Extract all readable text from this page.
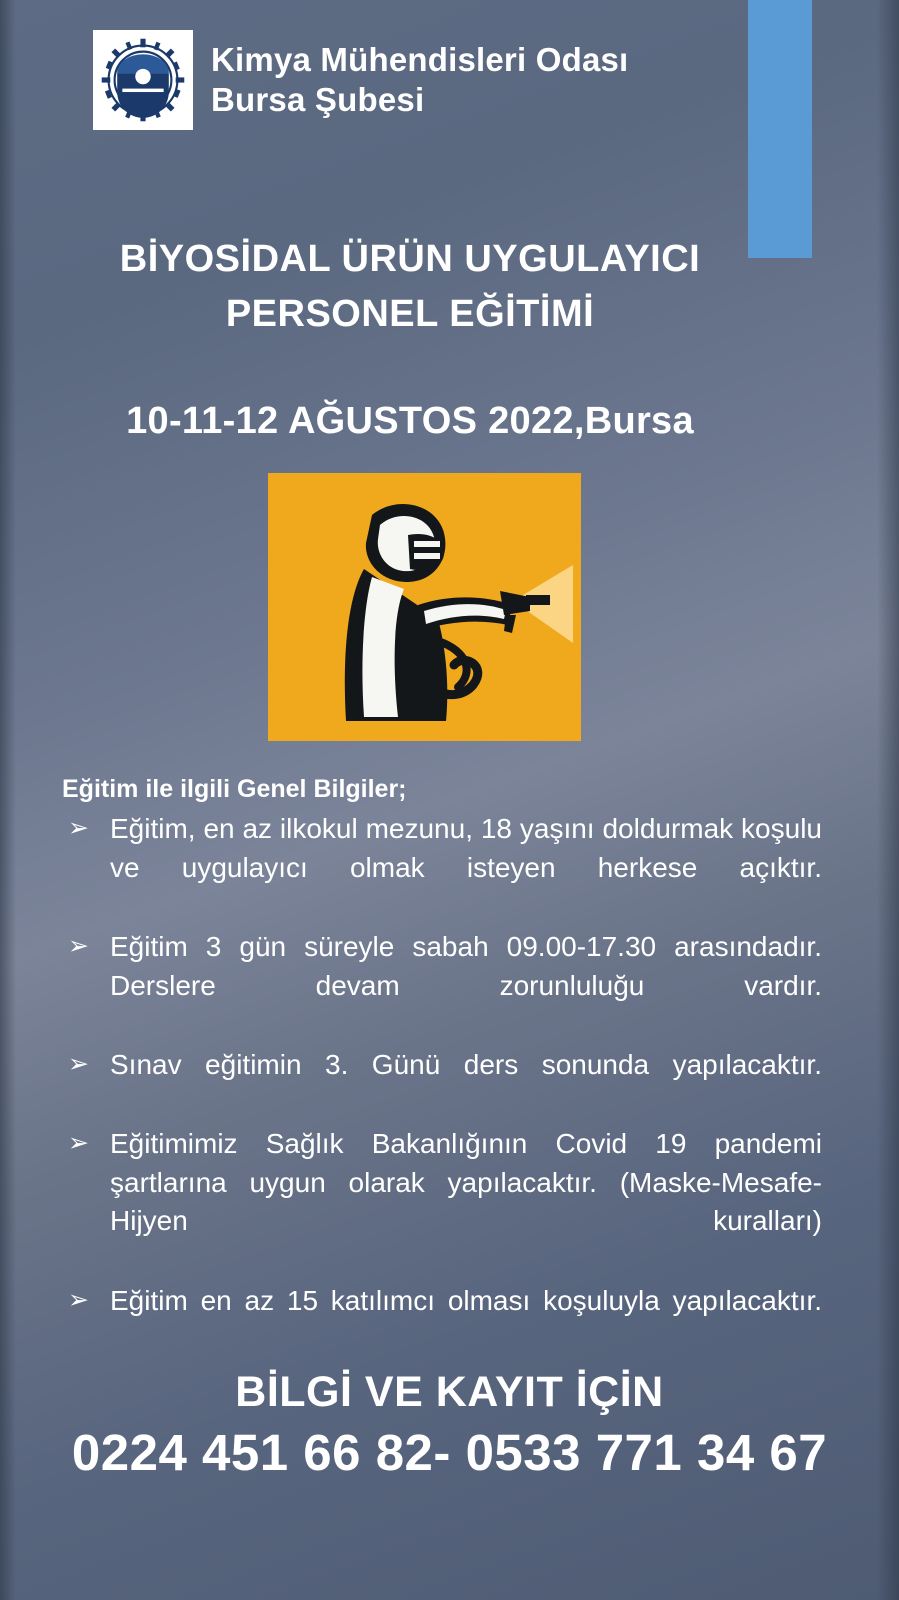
Kimya Mühendisleri Odası
Bursa Şubesi
BİYOSİDAL ÜRÜN UYGULAYICI
PERSONEL EĞİTİMİ
10-11-12 AĞUSTOS 2022,Bursa
Eğitim ile ilgili Genel Bilgiler;
➢ Eğitim, en az ilkokul mezunu, 18 yaşını doldurmak koşulu ve uygulayıcı olmak isteyen herkese açıktır.
➢ Eğitim 3 gün süreyle sabah 09.00-17.30 arasındadır. Derslere devam zorunluluğu vardır.
➢ Sınav eğitimin 3. Günü ders sonunda yapılacaktır.
➢ Eğitimimiz Sağlık Bakanlığının Covid 19 pandemi şartlarına uygun olarak yapılacaktır. (Maske-Mesafe-Hijyen kuralları)
➢ Eğitim en az 15 katılımcı olması koşuluyla yapılacaktır.
BİLGİ VE KAYIT İÇİN
0224 451 66 82- 0533 771 34 67
